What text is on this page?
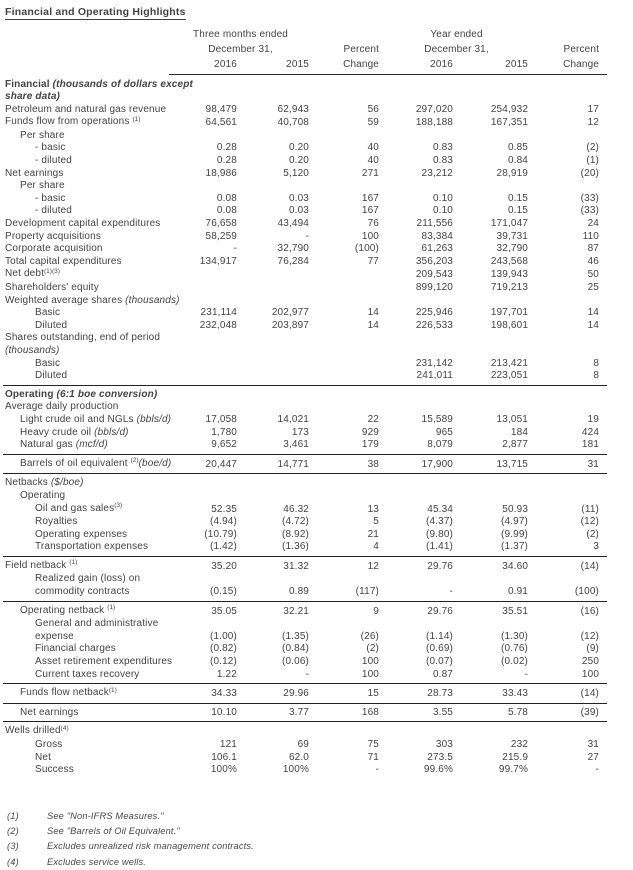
Financial and Operating Highlights
	Three months ended			Year ended		
	December 31,		Percent	December 31,		Percent
	2016	2015	Change	2016	2015	Change
Financial (thousands of dollars except
share data)						
Petroleum and natural gas revenue	98,479	62,943	56	297,020	254,932	17
Funds flow from operations $^{(1)}$	64,561	40,708	59	188,188	167,351	12
Per share						
- basic	0.28	0.20	40	0.83	0.85	(2)
- diluted	0.28	0.20	40	0.83	0.84	(1)
Net earnings	18,986	5,120	271	23,212	28,919	(20)
Per share						
- basic	0.08	0.03	167	0.10	0.15	(33)
- diluted	0.08	0.03	167	0.10	0.15	(33)
Development capital expenditures	76,658	43,494	76	211,556	171,047	24
Property acquisitions	58,259	-	100	83,384	39,731	110
Corporate acquisition	-	32,790	(100)	61,263	32,790	87
Total capital expenditures	134,917	76,284	77	356,203	243,568	46
Net debt$^{(1)(3)}$				209,543	139,943	50
Shareholders' equity				899,120	719,213	25
Weighted average shares (thousands)						
Basic	231,114	202,977	14	225,946	197,701	14
Diluted	232,048	203,897	14	226,533	198,601	14
Shares outstanding, end of period (thousands)						
Basic				231,142	213,421	8
Diluted				241,011	223,051	8
Operating (6:1 boe conversion)						
Average daily production						
Light crude oil and NGLs (bbls/d)	17,058	14,021	22	15,589	13,051	19
Heavy crude oil (bbls/d)	1,780	173	929	965	184	424
Natural gas (mcf/d)	9,652	3,461	179	8,079	2,877	181
Barrels of oil equivalent $^{(2)}$(boe/d)	20,447	14,771	38	17,900	13,715	31
Netbacks ($/boe)						
Operating						
Oil and gas sales$^{(3)}$	52.35	46.32	13	45.34	50.93	(11)
Royalties	(4.94)	(4.72)	5	(4.37)	(4.97)	(12)
Operating expenses	(10.79)	(8.92)	21	(9.80)	(9.99)	(2)
Transportation expenses	(1.42)	(1.36)	4	(1.41)	(1.37)	3
Field netback $^{(1)}$	35.20	31.32	12	29.76	34.60	(14)
Realized gain (loss) on commodity contracts	(0.15)	0.89	(117)	-	0.91	(100)
Operating netback $^{(1)}$	35.05	32.21	9	29.76	35.51	(16)
General and administrative expense	(1.00)	(1.35)	(26)	(1.14)	(1.30)	(12)
Financial charges	(0.82)	(0.84)	(2)	(0.69)	(0.76)	(9)
Asset retirement expenditures	(0.12)	(0.06)	100	(0.07)	(0.02)	250
Current taxes recovery	1.22	-	100	0.87	-	100
Funds flow netback$^{(1)}$	34.33	29.96	15	28.73	33.43	(14)
Net earnings	10.10	3.77	168	3.55	5.78	(39)
Wells drilled$^{(4)}$						
Gross	121	69	75	303	232	31
Net	106.1	62.0	71	273.5	215.9	27
Success	100%	100%	-	99.6%	99.7%	-
(1)	See "Non-IFRS Measures."
(2)	See "Barrels of Oil Equivalent."
(3)	Excludes unrealized risk management contracts.
(4)	Excludes service wells.
